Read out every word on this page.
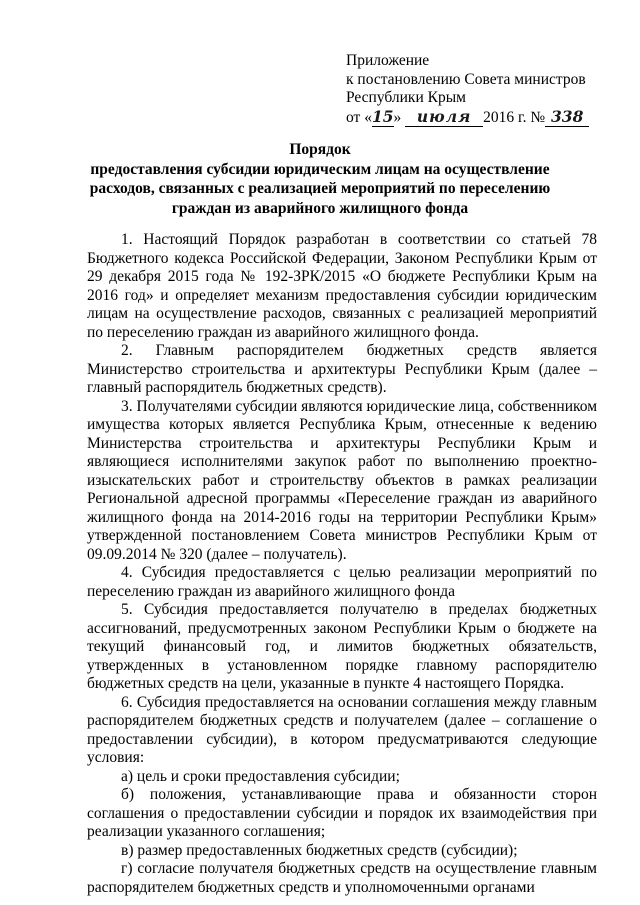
Приложение
к постановлению Совета министров
Республики Крым
от «15» июля 2016 г. № 338
Порядок
предоставления субсидии юридическим лицам на осуществление
расходов, связанных с реализацией мероприятий по переселению
граждан из аварийного жилищного фонда

1. Настоящий Порядок разработан в соответствии со статьей 78 Бюджетного кодекса Российской Федерации, Законом Республики Крым от 29 декабря 2015 года № 192-ЗРК/2015 «О бюджете Республики Крым на 2016 год» и определяет механизм предоставления субсидии юридическим лицам на осуществление расходов, связанных с реализацией мероприятий по переселению граждан из аварийного жилищного фонда.

2. Главным распорядителем бюджетных средств является Министерство строительства и архитектуры Республики Крым (далее – главный распорядитель бюджетных средств).

3. Получателями субсидии являются юридические лица, собственником имущества которых является Республика Крым, отнесенные к ведению Министерства строительства и архитектуры Республики Крым и являющиеся исполнителями закупок работ по выполнению проектно-изыскательских работ и строительству объектов в рамках реализации Региональной адресной программы «Переселение граждан из аварийного жилищного фонда на 2014-2016 годы на территории Республики Крым» утвержденной постановлением Совета министров Республики Крым от 09.09.2014 № 320 (далее – получатель).

4. Субсидия предоставляется с целью реализации мероприятий по переселению граждан из аварийного жилищного фонда

5. Субсидия предоставляется получателю в пределах бюджетных ассигнований, предусмотренных законом Республики Крым о бюджете на текущий финансовый год, и лимитов бюджетных обязательств, утвержденных в установленном порядке главному распорядителю бюджетных средств на цели, указанные в пункте 4 настоящего Порядка.

6. Субсидия предоставляется на основании соглашения между главным распорядителем бюджетных средств и получателем (далее – соглашение о предоставлении субсидии), в котором предусматриваются следующие условия:

а) цель и сроки предоставления субсидии;

б) положения, устанавливающие права и обязанности сторон соглашения о предоставлении субсидии и порядок их взаимодействия при реализации указанного соглашения;

в) размер предоставленных бюджетных средств (субсидии);

г) согласие получателя бюджетных средств на осуществление главным распорядителем бюджетных средств и уполномоченными органами
